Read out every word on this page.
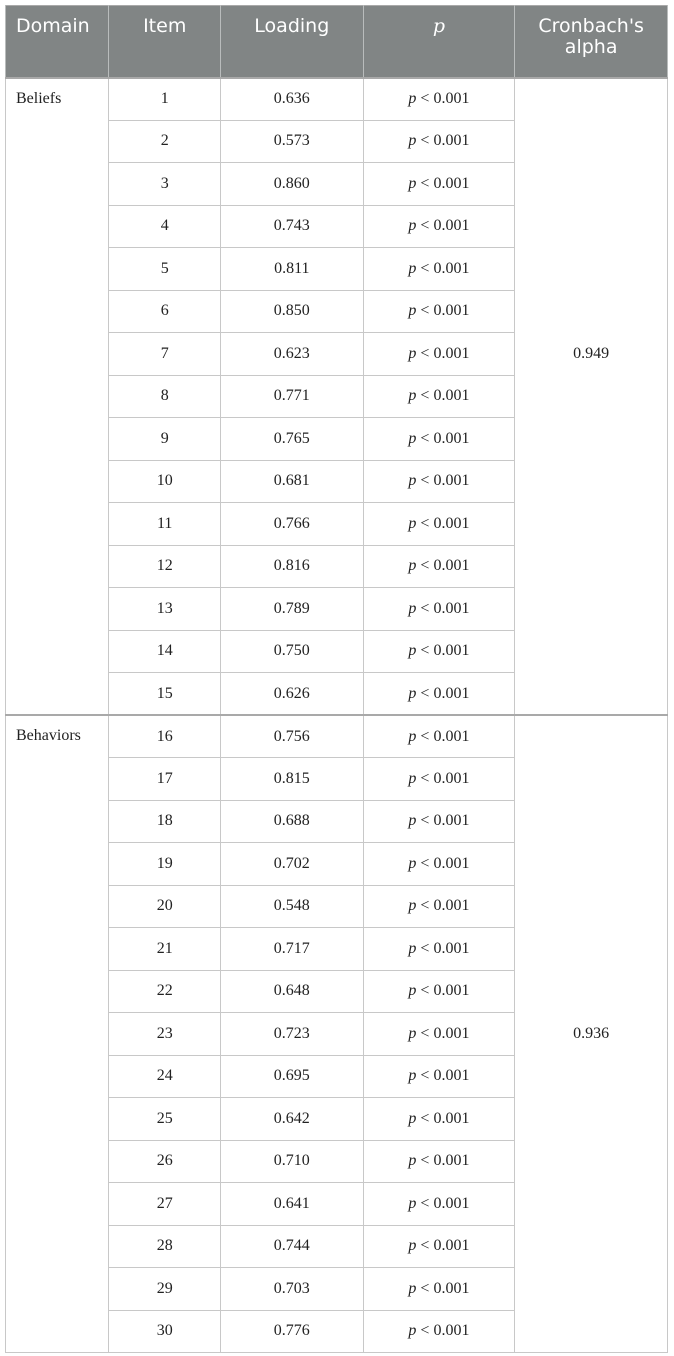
Domain	Item	Loading	p	Cronbach's
alpha
Beliefs	1	0.636	p < 0.001	
	2	0.573	p < 0.001	
	3	0.860	p < 0.001	
	4	0.743	p < 0.001	
	5	0.811	p < 0.001	
	6	0.850	p < 0.001	
	7	0.623	p < 0.001	0.949
	8	0.771	p < 0.001	
	9	0.765	p < 0.001	
	10	0.681	p < 0.001	
	11	0.766	p < 0.001	
	12	0.816	p < 0.001	
	13	0.789	p < 0.001	
	14	0.750	p < 0.001	
	15	0.626	p < 0.001	
Behaviors	16	0.756	p < 0.001	
	17	0.815	p < 0.001	
	18	0.688	p < 0.001	
	19	0.702	p < 0.001	
	20	0.548	p < 0.001	
	21	0.717	p < 0.001	
	22	0.648	p < 0.001	
	23	0.723	p < 0.001	0.936
	24	0.695	p < 0.001	
	25	0.642	p < 0.001	
	26	0.710	p < 0.001	
	27	0.641	p < 0.001	
	28	0.744	p < 0.001	
	29	0.703	p < 0.001	
	30	0.776	p < 0.001	
